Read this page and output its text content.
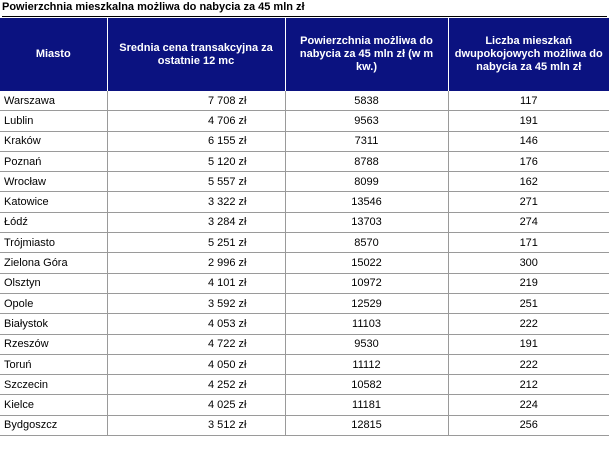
Powierzchnia mieszkalna możliwa do nabycia za 45 mln zł
Miasto	Srednia cena transakcyjna za ostatnie 12 mc	Powierzchnia możliwa do nabycia za 45 mln zł (w m kw.)	Liczba mieszkań dwupokojowych możliwa do nabycia za 45 mln zł
Warszawa	7 708 zł	5838	117
Lublin	4 706 zł	9563	191
Kraków	6 155 zł	7311	146
Poznań	5 120 zł	8788	176
Wrocław	5 557 zł	8099	162
Katowice	3 322 zł	13546	271
Łódź	3 284 zł	13703	274
Trójmiasto	5 251 zł	8570	171
Zielona Góra	2 996 zł	15022	300
Olsztyn	4 101 zł	10972	219
Opole	3 592 zł	12529	251
Białystok	4 053 zł	11103	222
Rzeszów	4 722 zł	9530	191
Toruń	4 050 zł	11112	222
Szczecin	4 252 zł	10582	212
Kielce	4 025 zł	11181	224
Bydgoszcz	3 512 zł	12815	256
